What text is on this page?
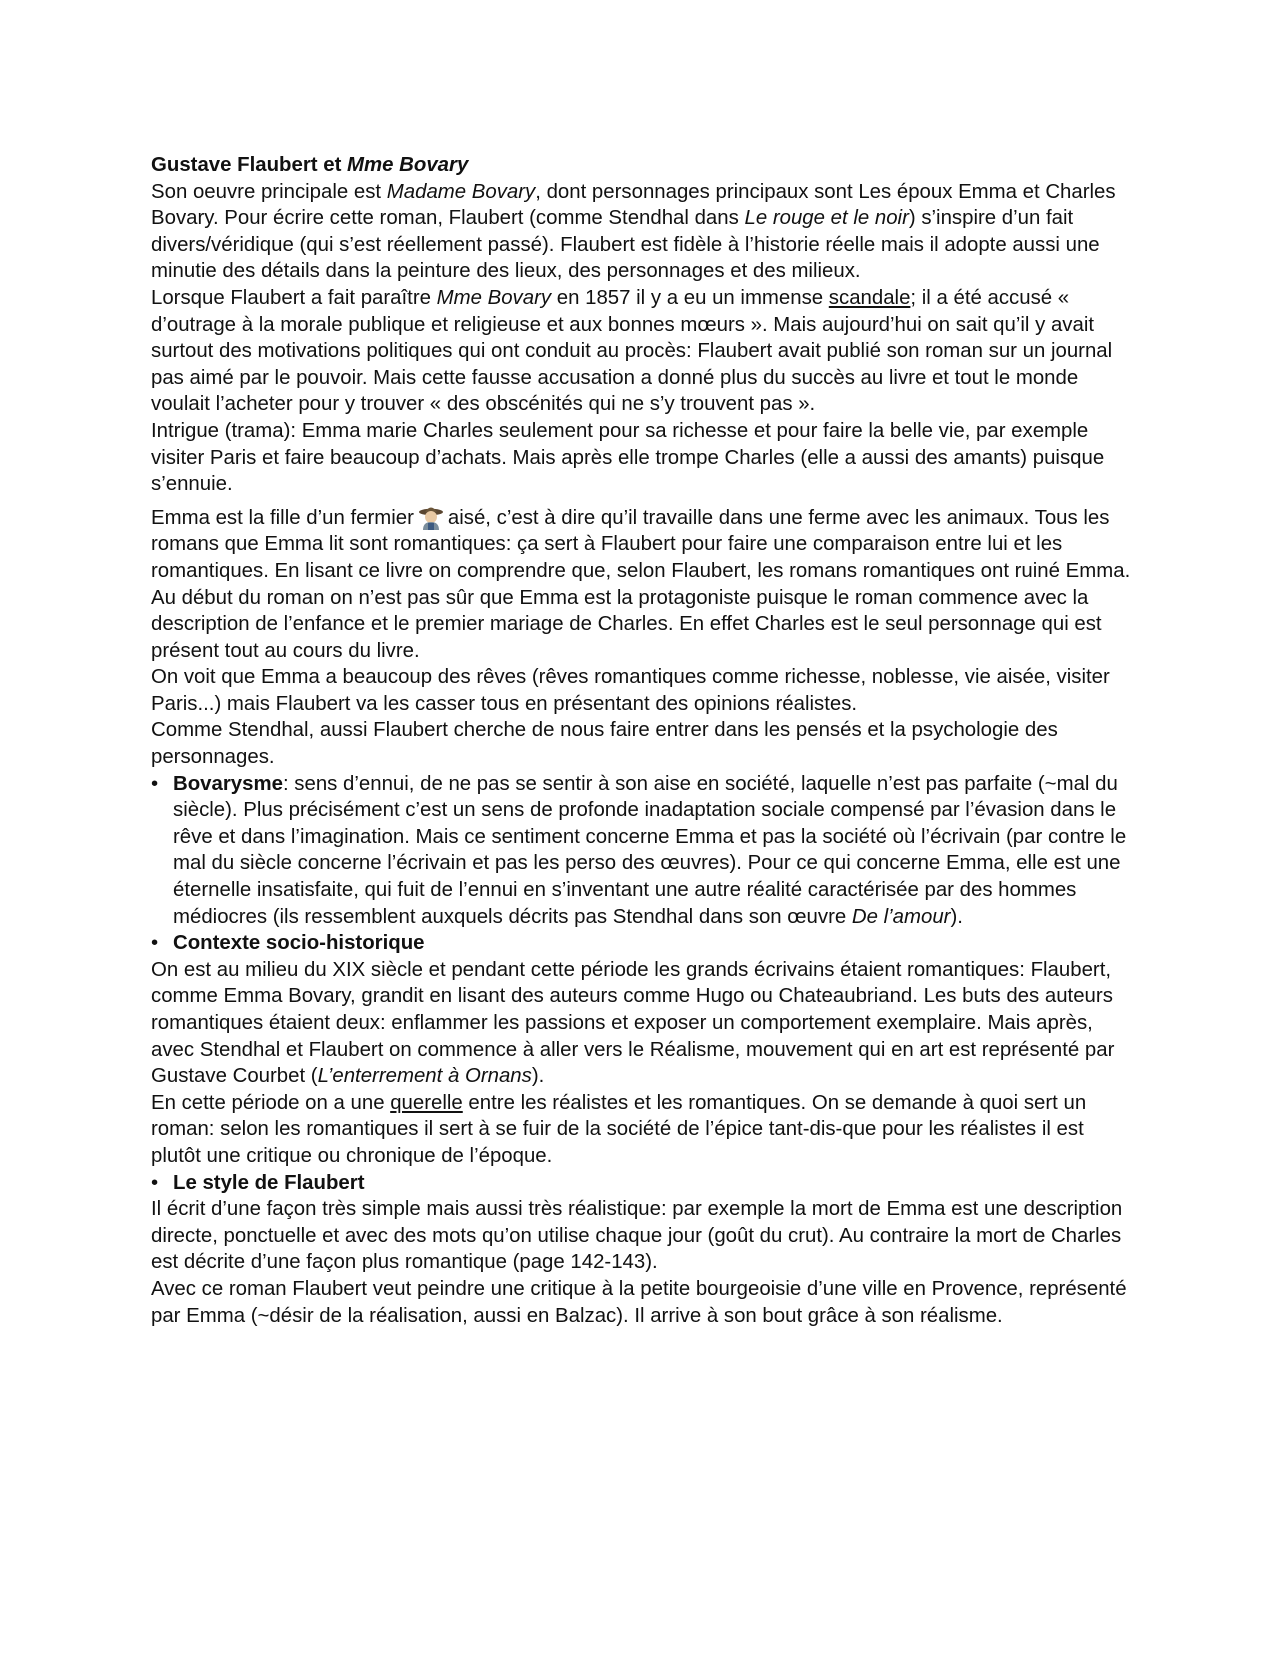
Gustave Flaubert et Mme Bovary

Son oeuvre principale est Madame Bovary, dont personnages principaux sont Les époux Emma et Charles Bovary. Pour écrire cette roman, Flaubert (comme Stendhal dans Le rouge et le noir) s’inspire d’un fait divers/véridique (qui s’est réellement passé). Flaubert est fidèle à l’historie réelle mais il adopte aussi une minutie des détails dans la peinture des lieux, des personnages et des milieux.

Lorsque Flaubert a fait paraître Mme Bovary en 1857 il y a eu un immense scandale; il a été accusé « d’outrage à la morale publique et religieuse et aux bonnes mœurs ». Mais aujourd’hui on sait qu’il y avait surtout des motivations politiques qui ont conduit au procès: Flaubert avait publié son roman sur un journal pas aimé par le pouvoir. Mais cette fausse accusation a donné plus du succès au livre et tout le monde voulait l’acheter pour y trouver « des obscénités qui ne s’y trouvent pas ».

Intrigue (trama): Emma marie Charles seulement pour sa richesse et pour faire la belle vie, par exemple visiter Paris et faire beaucoup d’achats. Mais après elle trompe Charles (elle a aussi des amants) puisque s’ennuie.

Emma est la fille d’un fermier aisé, c’est à dire qu’il travaille dans une ferme avec les animaux. Tous les romans que Emma lit sont romantiques: ça sert à Flaubert pour faire une comparaison entre lui et les romantiques. En lisant ce livre on comprendre que, selon Flaubert, les romans romantiques ont ruiné Emma.

Au début du roman on n’est pas sûr que Emma est la protagoniste puisque le roman commence avec la description de l’enfance et le premier mariage de Charles. En effet Charles est le seul personnage qui est présent tout au cours du livre.

On voit que Emma a beaucoup des rêves (rêves romantiques comme richesse, noblesse, vie aisée, visiter Paris...) mais Flaubert va les casser tous en présentant des opinions réalistes.

Comme Stendhal, aussi Flaubert cherche de nous faire entrer dans les pensés et la psychologie des personnages.

• Bovarysme: sens d’ennui, de ne pas se sentir à son aise en société, laquelle n’est pas parfaite (~mal du siècle). Plus précisément c’est un sens de profonde inadaptation sociale compensé par l’évasion dans le rêve et dans l’imagination. Mais ce sentiment concerne Emma et pas la société où l’écrivain (par contre le mal du siècle concerne l’écrivain et pas les perso des œuvres). Pour ce qui concerne Emma, elle est une éternelle insatisfaite, qui fuit de l’ennui en s’inventant une autre réalité caractérisée par des hommes médiocres (ils ressemblent auxquels décrits pas Stendhal dans son œuvre De l’amour).
• Contexte socio-historique

On est au milieu du XIX siècle et pendant cette période les grands écrivains étaient romantiques: Flaubert, comme Emma Bovary, grandit en lisant des auteurs comme Hugo ou Chateaubriand. Les buts des auteurs romantiques étaient deux: enflammer les passions et exposer un comportement exemplaire. Mais après, avec Stendhal et Flaubert on commence à aller vers le Réalisme, mouvement qui en art est représenté par Gustave Courbet (L’enterrement à Ornans).

En cette période on a une querelle entre les réalistes et les romantiques. On se demande à quoi sert un roman: selon les romantiques il sert à se fuir de la société de l’épice tant-dis-que pour les réalistes il est plutôt une critique ou chronique de l’époque.

• Le style de Flaubert

Il écrit d’une façon très simple mais aussi très réalistique: par exemple la mort de Emma est une description directe, ponctuelle et avec des mots qu’on utilise chaque jour (goût du crut). Au contraire la mort de Charles est décrite d’une façon plus romantique (page 142-143).

Avec ce roman Flaubert veut peindre une critique à la petite bourgeoisie d’une ville en Provence, représenté par Emma (~désir de la réalisation, aussi en Balzac). Il arrive à son bout grâce à son réalisme.
